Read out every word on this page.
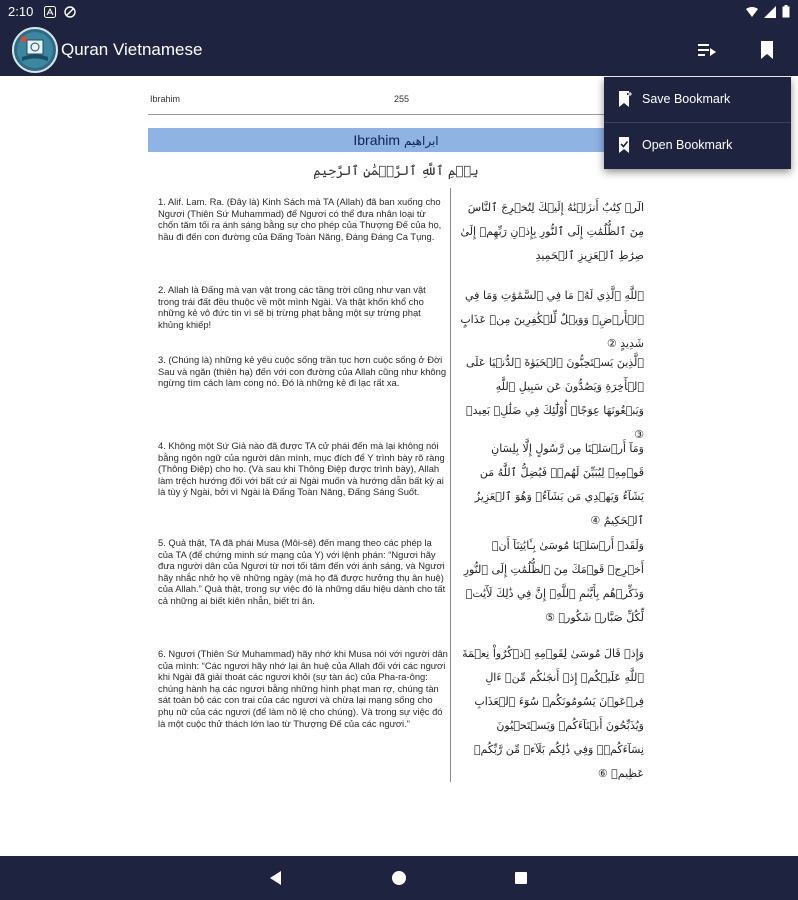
2:10
Quran Vietnamese
Ibrahim	255
Ibrahim ابراهيم
بِسۡمِ ٱللَّهِ ٱلرَّحۡمَٰنِ ٱلرَّحِيمِ
1. Alif. Lam. Ra. (Đây là) Kinh Sách mà TA (Allah) đã ban xuống cho Ngươi (Thiên Sứ Muhammad) để Ngươi có thể đưa nhân loại từ chốn tăm tối ra ánh sáng bằng sự cho phép của Thượng Đế của họ, hầu đi đến con đường của Đấng Toàn Năng, Đáng Đáng Ca Tụng.
الٓرۚ كِتَٰبٌ أَنزَلۡنَٰهُ إِلَيۡكَ لِتُخۡرِجَ ٱلنَّاسَ مِنَ ٱلظُّلُمَٰتِ إِلَى ٱلنُّورِ بِإِذۡنِ رَبِّهِمۡ إِلَىٰ صِرَٰطِ ٱلۡعَزِيزِ ٱلۡحَمِيدِ
2. Allah là Đấng mà vạn vật trong các tầng trời cũng như vạn vật trong trái đất đều thuộc về một mình Ngài. Và thật khốn khổ cho những kẻ vô đức tin vì sẽ bị trừng phạt bằng một sự trừng phạt khủng khiếp!
ٱللَّهِ ٱلَّذِي لَهُۥ مَا فِي ٱلسَّمَٰوَٰتِ وَمَا فِي ٱلۡأَرۡضِۗ وَوَيۡلٌ لِّلۡكَٰفِرِينَ مِنۡ عَذَابٍ شَدِيدٍ ②
3. (Chúng là) những kẻ yêu cuộc sống trần tục hơn cuộc sống ở Đời Sau và ngăn (thiên hạ) đến với con đường của Allah cũng như không ngừng tìm cách làm cong nó. Đó là những kẻ đi lạc rất xa.
ٱلَّذِينَ يَسۡتَحِبُّونَ ٱلۡحَيَوٰةَ ٱلدُّنۡيَا عَلَى ٱلۡأٓخِرَةِ وَيَصُدُّونَ عَن سَبِيلِ ٱللَّهِ وَيَبۡغُونَهَا عِوَجًاۚ أُوْلَٰٓئِكَ فِي ضَلَٰلِۭ بَعِيدٖ ③
4. Không một Sứ Giả nào đã được TA cử phái đến mà lại không nói bằng ngôn ngữ của người dân mình, mục đích để Y trình bày rõ ràng (Thông Điệp) cho họ. (Và sau khi Thông Điệp được trình bày), Allah làm trệch hướng đối với bất cứ ai Ngài muốn và hướng dẫn bất kỳ ai là tùy ý Ngài, bởi vì Ngài là Đấng Toàn Năng, Đấng Sáng Suốt.
وَمَآ أَرۡسَلۡنَا مِن رَّسُولٍ إِلَّا بِلِسَانِ قَوۡمِهِۦ لِيُبَيِّنَ لَهُمۡۖ فَيُضِلُّ ٱللَّهُ مَن يَشَآءُ وَيَهۡدِي مَن يَشَآءُۚ وَهُوَ ٱلۡعَزِيزُ ٱلۡحَكِيمُ ④
5. Quả thật, TA đã phái Musa (Môi-sê) đến mang theo các phép lạ của TA (để chứng minh sứ mạng của Y) với lệnh phán: “Ngươi hãy đưa người dân của Ngươi từ nơi tối tăm đến với ánh sáng, và Ngươi hãy nhắc nhở họ về những ngày (mà họ đã được hưởng thụ ân huệ) của Allah.” Quả thật, trong sự việc đó là những dấu hiệu dành cho tất cả những ai biết kiên nhẫn, biết tri ân.
وَلَقَدۡ أَرۡسَلۡنَا مُوسَىٰ بِـَٔايَٰتِنَآ أَنۡ أَخۡرِجۡ قَوۡمَكَ مِنَ ٱلظُّلُمَٰتِ إِلَى ٱلنُّورِ وَذَكِّرۡهُم بِأَيَّىٰمِ ٱللَّهِۚ إِنَّ فِي ذَٰلِكَ لَأٓيَٰتٖ لِّكُلِّ صَبَّارٖ شَكُورٖ ⑤
6. Ngươi (Thiên Sứ Muhammad) hãy nhớ khi Musa nói với người dân của mình: “Các ngươi hãy nhớ lại ân huệ của Allah đối với các ngươi khi Ngài đã giải thoát các ngươi khỏi (sự tàn ác) của Pha-ra-ông: chúng hành hạ các ngươi bằng những hình phạt man rợ, chúng tàn sát toàn bộ các con trai của các ngươi và chừa lại mạng sống cho phụ nữ của các ngươi (để làm nô lệ cho chúng). Và trong sự việc đó là một cuộc thử thách lớn lao từ Thượng Đế của các ngươi.”
وَإِذۡ قَالَ مُوسَىٰ لِقَوۡمِهِ ٱذۡكُرُواْ نِعۡمَةَ ٱللَّهِ عَلَيۡكُمۡ إِذۡ أَنجَىٰكُم مِّنۡ ءَالِ فِرۡعَوۡنَ يَسُومُونَكُمۡ سُوٓءَ ٱلۡعَذَابِ وَيُذَبِّحُونَ أَبۡنَآءَكُمۡ وَيَسۡتَحۡيُونَ نِسَآءَكُمۡۚ وَفِي ذَٰلِكُم بَلَآءٞ مِّن رَّبِّكُمۡ عَظِيمٞ ⑥
Save Bookmark
Open Bookmark
